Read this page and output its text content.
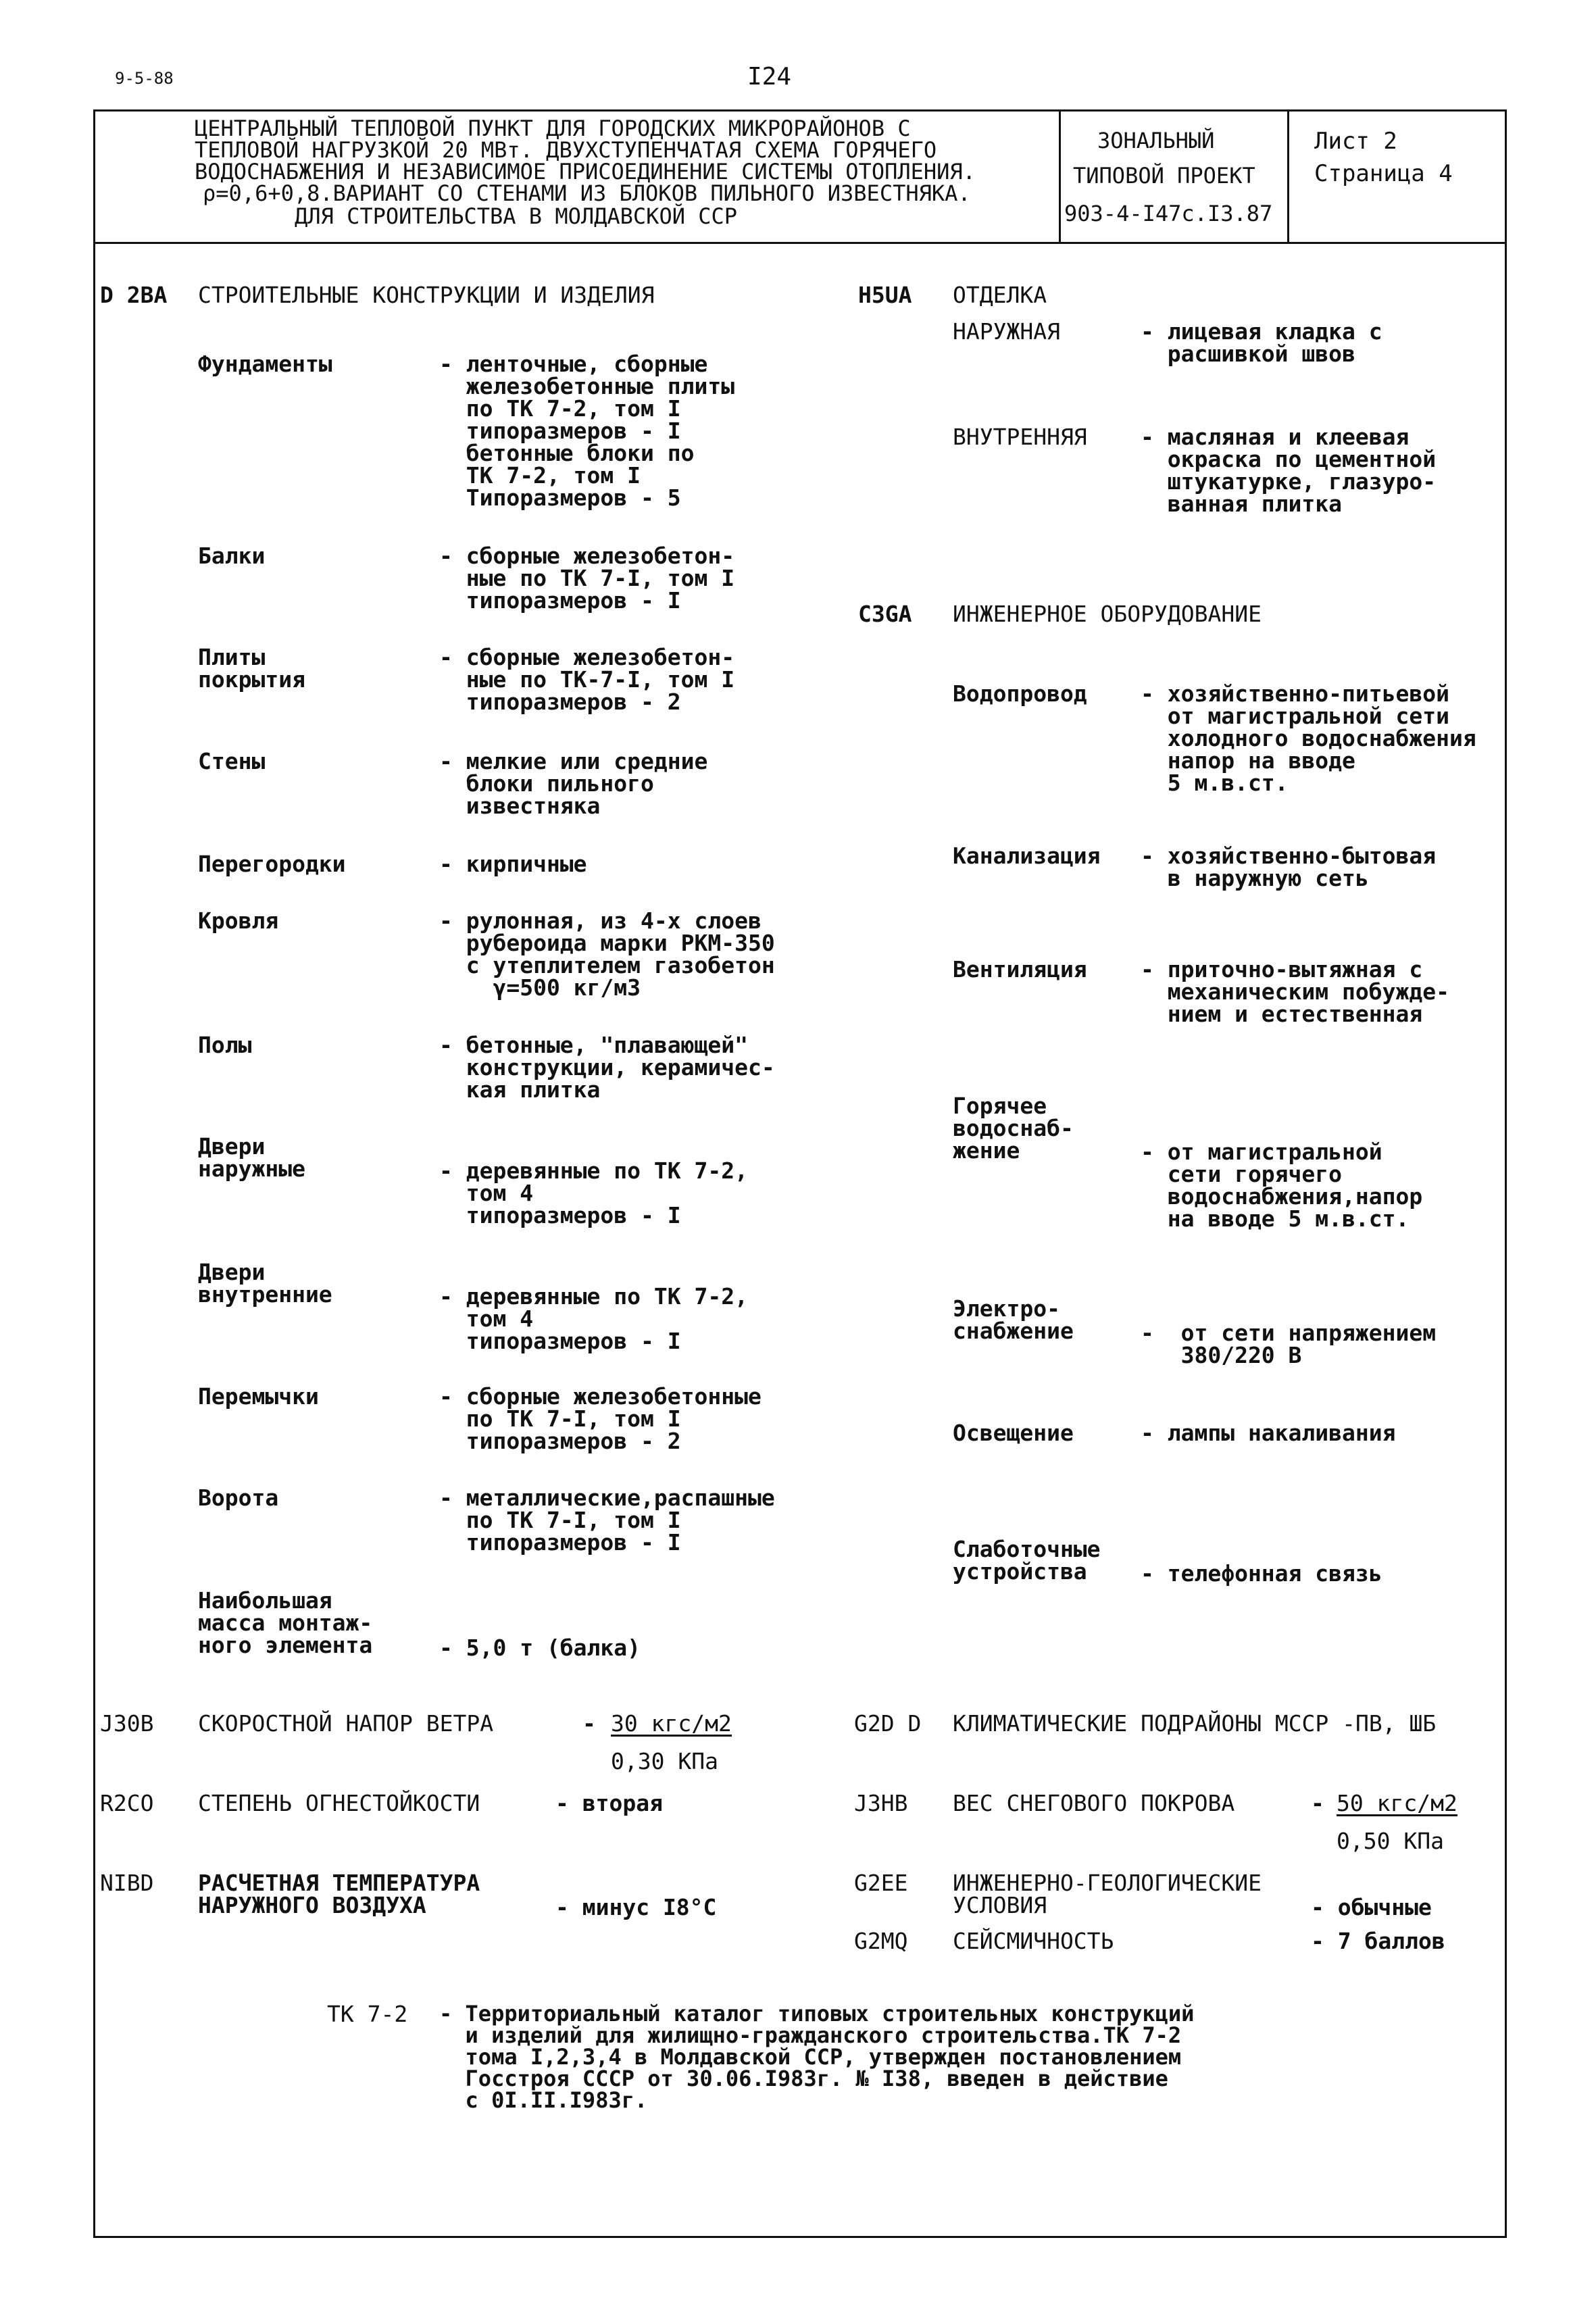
9-5-88	I24
ЦЕНТРАЛЬНЫЙ ТЕПЛОВОЙ ПУНКТ ДЛЯ ГОРОДСКИХ МИКРОРАЙОНОВ С
ТЕПЛОВОЙ НАГРУЗКОЙ 20 МВт. ДВУХСТУПЕНЧАТАЯ СХЕМА ГОРЯЧЕГО
ВОДОСНАБЖЕНИЯ И НЕЗАВИСИМОЕ ПРИСОЕДИНЕНИЕ СИСТЕМЫ ОТОПЛЕНИЯ.
ρ=0,6+0,8.ВАРИАНТ СО СТЕНАМИ ИЗ БЛОКОВ ПИЛЬНОГО ИЗВЕСТНЯКА.
ДЛЯ СТРОИТЕЛЬСТВА В МОЛДАВСКОЙ ССР
ЗОНАЛЬНЫЙ
ТИПОВОЙ ПРОЕКТ
903-4-I47с.I3.87
Лист 2
Страница 4
D 2BA СТРОИТЕЛЬНЫЕ КОНСТРУКЦИИ И ИЗДЕЛИЯ
Фундаменты	- ленточные, сборные
железобетонные плиты
по ТК 7-2, том I
типоразмеров - I
бетонные блоки по
ТК 7-2, том I
Типоразмеров - 5
Балки	- сборные железобетон-
ные по ТК 7-I, том I
типоразмеров - I
Плиты
покрытия
- сборные железобетон-
ные по ТК-7-I, том I
типоразмеров - 2
Стены	- мелкие или средние
блоки пильного
известняка
Перегородки	- кирпичные
Кровля	- рулонная, из 4-х слоев
рубероида марки РКМ-350
с утеплителем газобетон
γ=500 кг/м3
Полы	- бетонные, "плавающей"
конструкции, керамичес-
кая плитка
Двери
наружные	- деревянные по ТК 7-2,
том 4
типоразмеров - I
Двери
внутренние	- деревянные по ТК 7-2,
том 4
типоразмеров - I
Перемычки	- сборные железобетонные
по ТК 7-I, том I
типоразмеров - 2
Ворота	- металлические,распашные
по ТК 7-I, том I
типоразмеров - I
Наибольшая
масса монтаж-
ного элемента	- 5,0 т (балка)
H5UA ОТДЕЛКА
НАРУЖНАЯ	- лицевая кладка с
расшивкой швов
ВНУТРЕННЯЯ - масляная и клеевая
окраска по цементной
штукатурке, глазуро-
ванная плитка
C3GA ИНЖЕНЕРНОЕ ОБОРУДОВАНИЕ
Водопровод - хозяйственно-питьевой
от магистральной сети
холодного водоснабжения
напор на вводе
5 м.в.ст.
Канализация - хозяйственно-бытовая
в наружную сеть
Вентиляция - приточно-вытяжная с
механическим побужде-
нием и естественная
Горячее
водоснаб-
жение	- от магистральной
сети горячего
водоснабжения,напор
на вводе 5 м.в.ст.
Электро-
снабжение	-  от сети напряжением
380/220 В
Освещение	- лампы накаливания
Слаботочные
устройства	- телефонная связь
J30B СКОРОСТНОЙ НАПОР ВЕТРА	- 30 кгс/м2
0,30 КПа
G2D D КЛИМАТИЧЕСКИЕ ПОДРАЙОНЫ МССР -ПВ, ШБ
R2CO СТЕПЕНЬ ОГНЕСТОЙКОСТИ	- вторая	J3HB ВЕС СНЕГОВОГО ПОКРОВА	- 50 кгс/м2
0,50 КПа
NIBD РАСЧЕТНАЯ ТЕМПЕРАТУРА
НАРУЖНОГО ВОЗДУХА	- минус I8°С
G2EE ИНЖЕНЕРНО-ГЕОЛОГИЧЕСКИЕ
УСЛОВИЯ	- обычные
G2MQ СЕЙСМИЧНОСТЬ	- 7 баллов
ТК 7-2 - Территориальный каталог типовых строительных конструкций
и изделий для жилищно-гражданского строительства.ТК 7-2
тома I,2,3,4 в Молдавской ССР, утвержден постановлением
Госстроя СССР от 30.06.I983г. № I38, введен в действие
с 0I.II.I983г.
